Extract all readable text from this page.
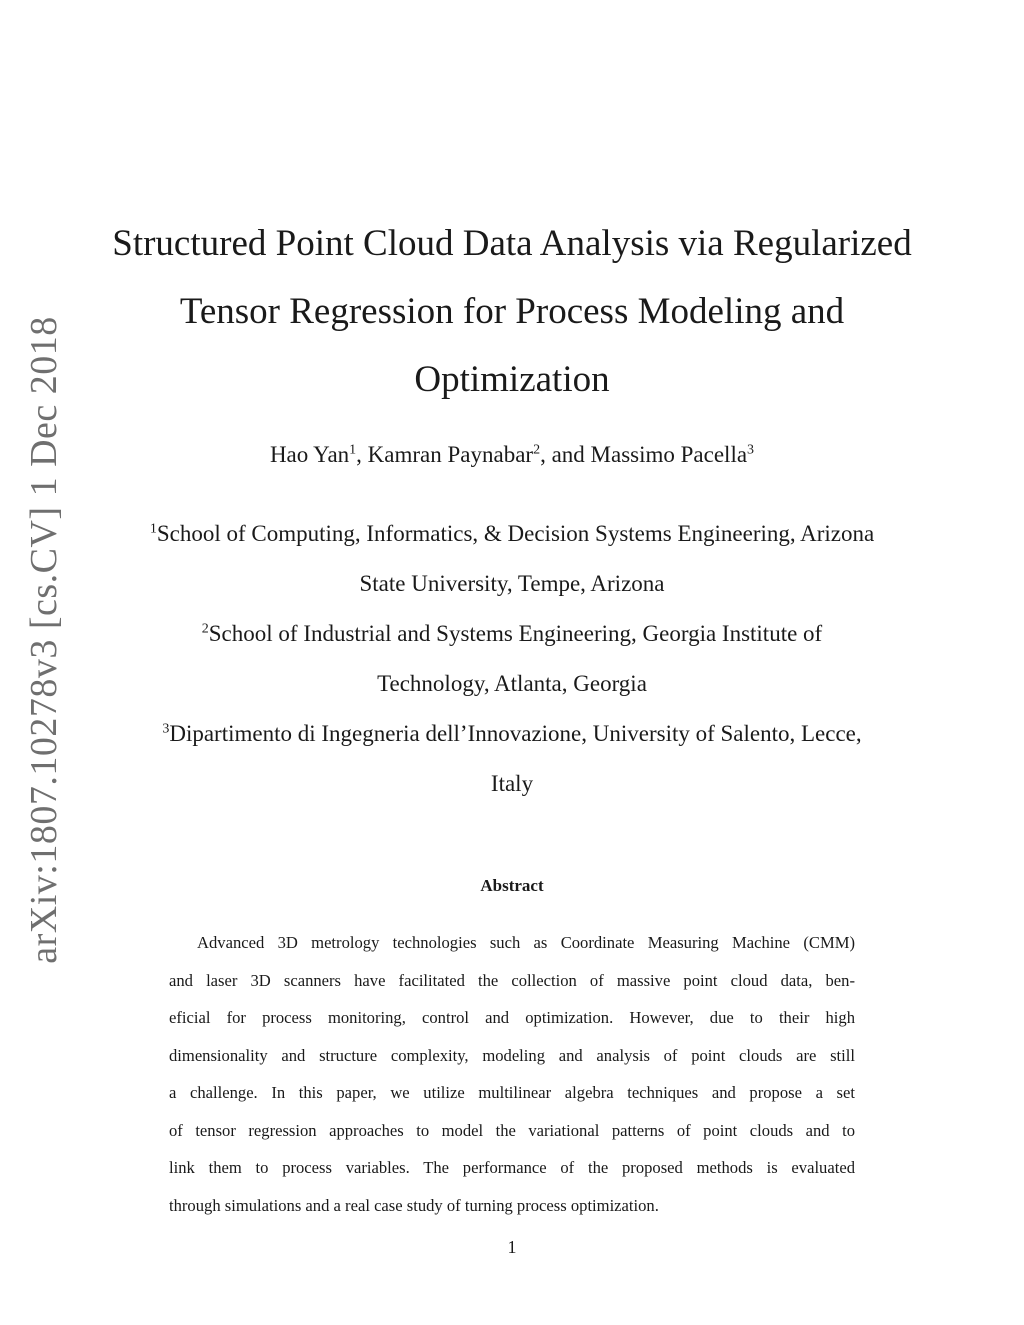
arXiv:1807.10278v3 [cs.CV] 1 Dec 2018
Structured Point Cloud Data Analysis via Regularized
Tensor Regression for Process Modeling and
Optimization
Hao Yan$^1$, Kamran Paynabar$^2$, and Massimo Pacella$^3$
$^1$School of Computing, Informatics, & Decision Systems Engineering, Arizona
State University, Tempe, Arizona
$^2$School of Industrial and Systems Engineering, Georgia Institute of
Technology, Atlanta, Georgia
$^3$Dipartimento di Ingegneria dell’Innovazione, University of Salento, Lecce,
Italy
Abstract
Advanced 3D metrology technologies such as Coordinate Measuring Machine (CMM)
and laser 3D scanners have facilitated the collection of massive point cloud data, ben-
eficial for process monitoring, control and optimization. However, due to their high
dimensionality and structure complexity, modeling and analysis of point clouds are still
a challenge. In this paper, we utilize multilinear algebra techniques and propose a set
of tensor regression approaches to model the variational patterns of point clouds and to
link them to process variables. The performance of the proposed methods is evaluated
through simulations and a real case study of turning process optimization.
1
